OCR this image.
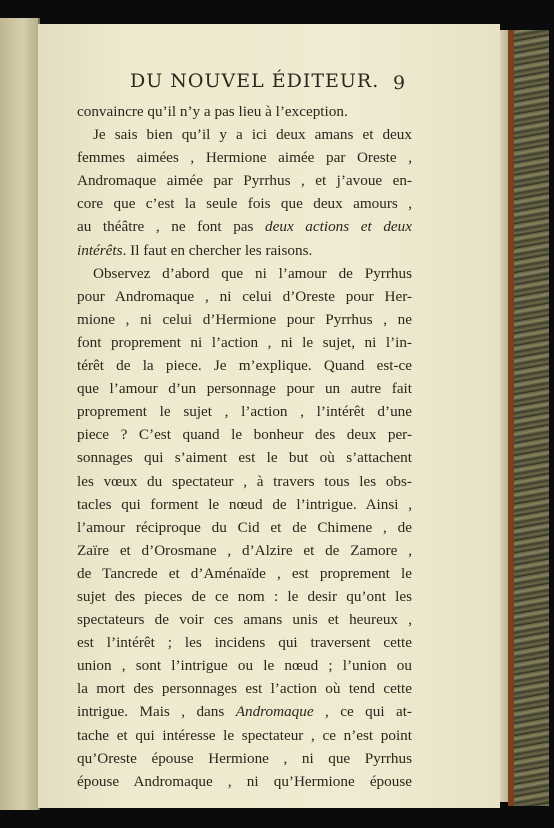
DU NOUVEL ÉDITEUR. 9
convaincre qu’il n’y a pas lieu à l’exception.
Je sais bien qu’il y a ici deux amans et deux
femmes aimées , Hermione aimée par Oreste ,
Andromaque aimée par Pyrrhus , et j’avoue en-
core que c’est la seule fois que deux amours ,
au théâtre , ne font pas deux actions et deux
intérêts. Il faut en chercher les raisons.
Observez d’abord que ni l’amour de Pyrrhus
pour Andromaque , ni celui d’Oreste pour Her-
mione , ni celui d’Hermione pour Pyrrhus , ne
font proprement ni l’action , ni le sujet, ni l’in-
térêt de la piece. Je m’explique. Quand est-ce
que l’amour d’un personnage pour un autre fait
proprement le sujet , l’action , l’intérêt d’une
piece ? C’est quand le bonheur des deux per-
sonnages qui s’aiment est le but où s’attachent
les vœux du spectateur , à travers tous les obs-
tacles qui forment le nœud de l’intrigue. Ainsi ,
l’amour réciproque du Cid et de Chimene , de
Zaïre et d’Orosmane , d’Alzire et de Zamore ,
de Tancrede et d’Aménaïde , est proprement le
sujet des pieces de ce nom : le desir qu’ont les
spectateurs de voir ces amans unis et heureux ,
est l’intérêt ; les incidens qui traversent cette
union , sont l’intrigue ou le nœud ; l’union ou
la mort des personnages est l’action où tend cette
intrigue. Mais , dans Andromaque , ce qui at-
tache et qui intéresse le spectateur , ce n’est point
qu’Oreste épouse Hermione , ni que Pyrrhus
épouse Andromaque , ni qu’Hermione épouse
